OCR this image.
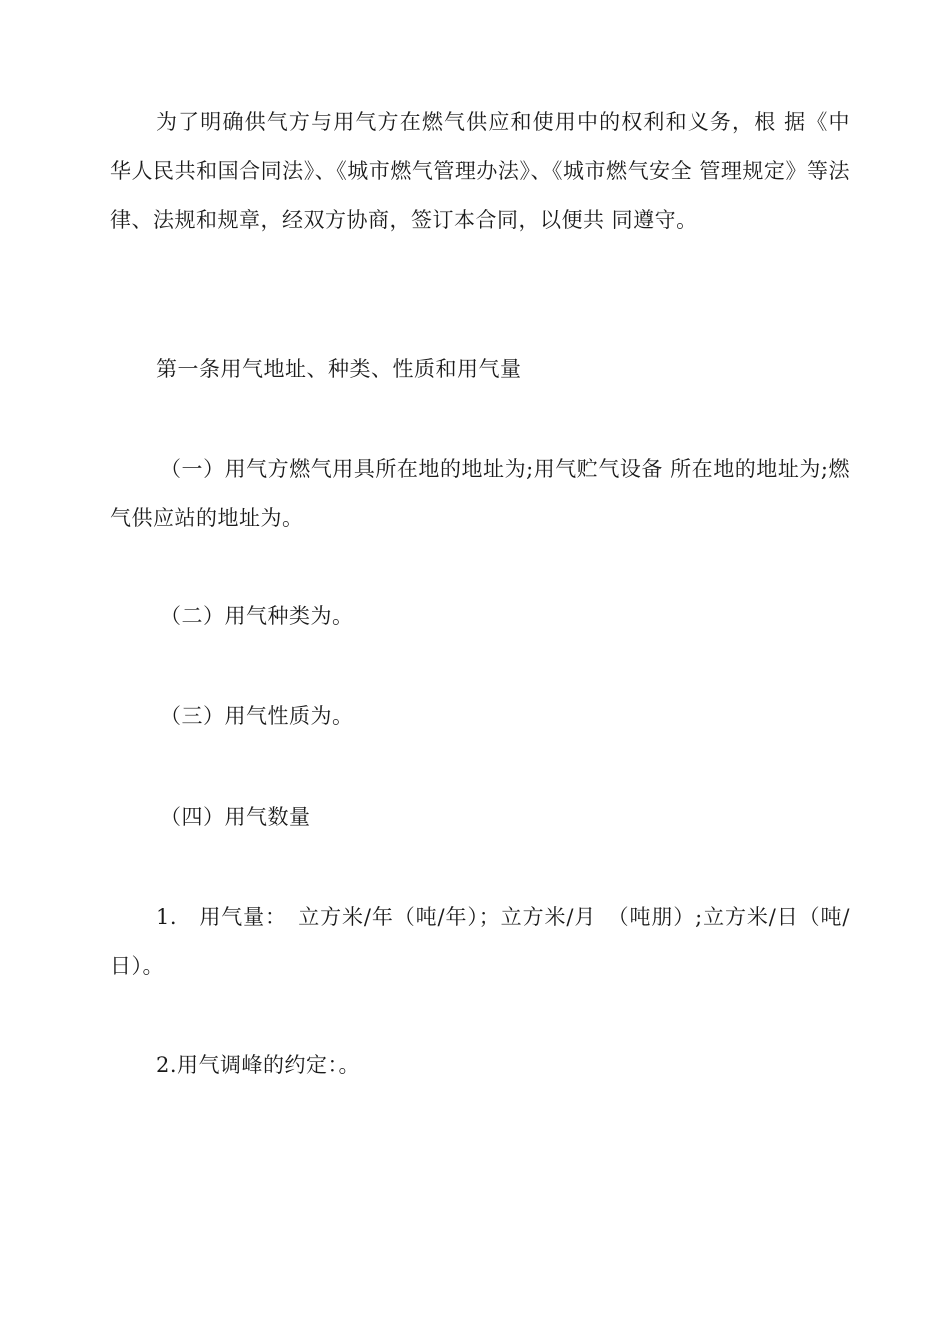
为了明确供气方与用气方在燃气供应和使用中的权利和义务，根 据《中华人民共和国合同法》、《城市燃气管理办法》、《城市燃气安全 管理规定》等法律、法规和规章，经双方协商，签订本合同，以便共 同遵守。

第一条用气地址、种类、性质和用气量

（一）用气方燃气用具所在地的地址为;用气贮气设备 所在地的地址为;燃气供应站的地址为。

（二）用气种类为。

（三）用气性质为。

（四）用气数量

1.　用气量：　立方米/年（吨/年）；立方米/月　（吨朋）;立方米/日（吨/日）。

2.用气调峰的约定：。
